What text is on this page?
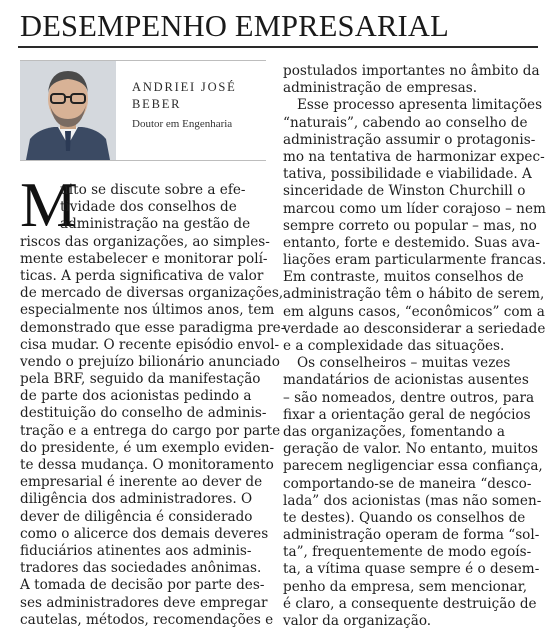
DESEMPENHO EMPRESARIAL
ANDRIEI JOSÉ
BEBER
Doutor em Engenharia
M
uito se discute sobre a efe-
tividade dos conselhos de
administração na gestão de
riscos das organizações, ao simples-
mente estabelecer e monitorar polí-
ticas. A perda significativa de valor
de mercado de diversas organizações,
especialmente nos últimos anos, tem
demonstrado que esse paradigma pre-
cisa mudar. O recente episódio envol-
vendo o prejuízo bilionário anunciado
pela BRF, seguido da manifestação
de parte dos acionistas pedindo a
destituição do conselho de adminis-
tração e a entrega do cargo por parte
do presidente, é um exemplo eviden-
te dessa mudança. O monitoramento
empresarial é inerente ao dever de
diligência dos administradores. O
dever de diligência é considerado
como o alicerce dos demais deveres
fiduciários atinentes aos adminis-
tradores das sociedades anônimas.
A tomada de decisão por parte des-
ses administradores deve empregar
cautelas, métodos, recomendações e
postulados importantes no âmbito da
administração de empresas.
Esse processo apresenta limitações
“naturais”, cabendo ao conselho de
administração assumir o protagonis-
mo na tentativa de harmonizar expec-
tativa, possibilidade e viabilidade. A
sinceridade de Winston Churchill o
marcou como um líder corajoso – nem
sempre correto ou popular – mas, no
entanto, forte e destemido. Suas ava-
liações eram particularmente francas.
Em contraste, muitos conselhos de
administração têm o hábito de serem,
em alguns casos, “econômicos” com a
verdade ao desconsiderar a seriedade
e a complexidade das situações.
Os conselheiros – muitas vezes
mandatários de acionistas ausentes
– são nomeados, dentre outros, para
fixar a orientação geral de negócios
das organizações, fomentando a
geração de valor. No entanto, muitos
parecem negligenciar essa confiança,
comportando-se de maneira “desco-
lada” dos acionistas (mas não somen-
te destes). Quando os conselhos de
administração operam de forma “sol-
ta”, frequentemente de modo egoís-
ta, a vítima quase sempre é o desem-
penho da empresa, sem mencionar,
é claro, a consequente destruição de
valor da organização.
